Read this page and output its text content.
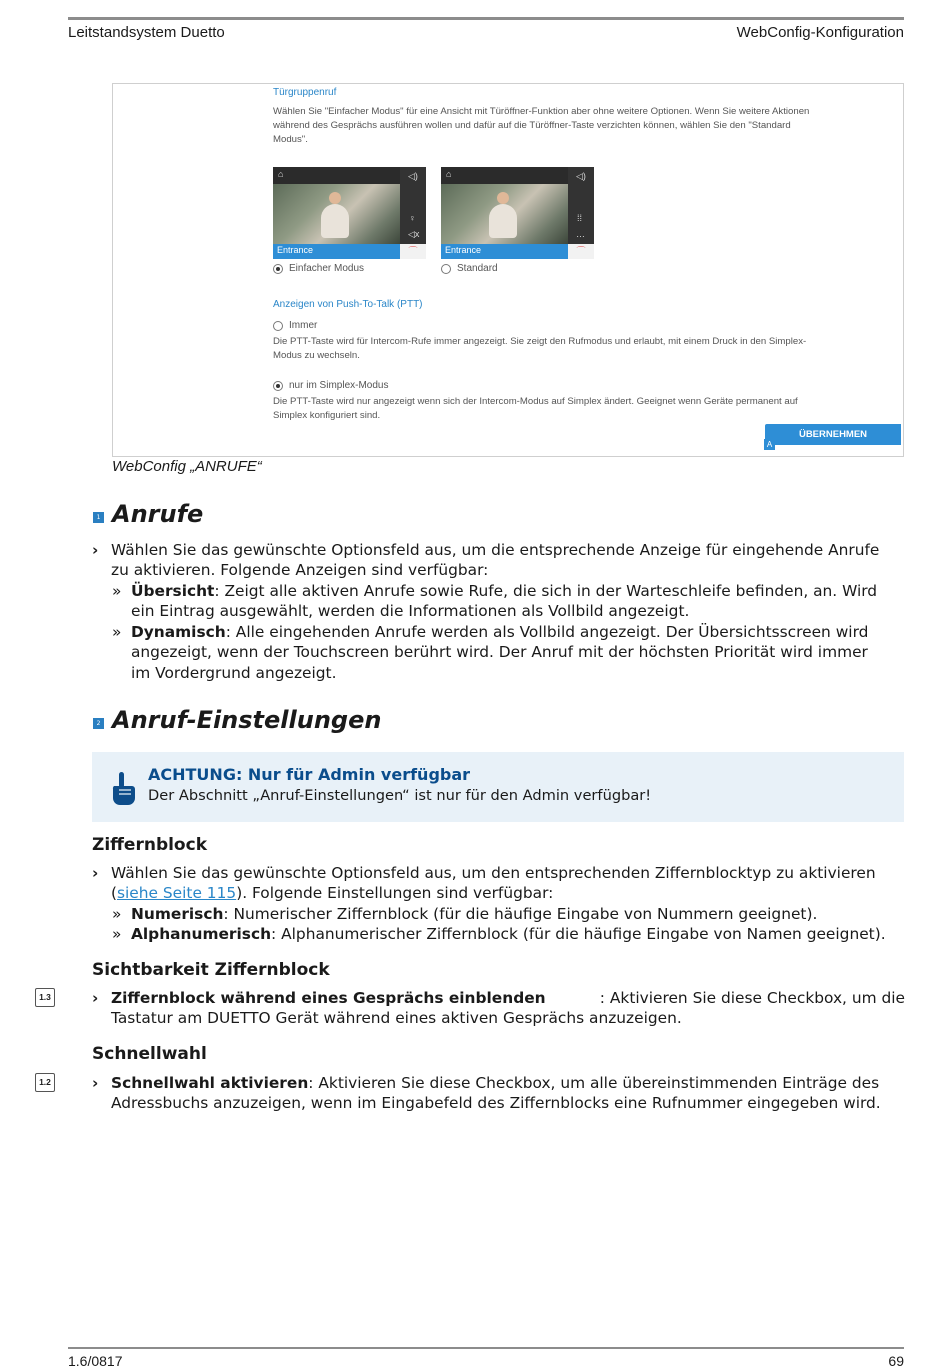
Leitstandsystem Duetto	WebConfig-Konfiguration
Türgruppenruf
Wählen Sie "Einfacher Modus" für eine Ansicht mit Türöffner-Funktion aber ohne weitere Optionen. Wenn Sie weitere Aktionen
während des Gesprächs ausführen wollen und dafür auf die Türöffner-Taste verzichten können, wählen Sie den "Standard
Modus".
⌂	◁)
♀
◁x
Entrance	⌒
Einfacher Modus
⌂	◁)
⁞⁞
…
Entrance	⌒
Standard
Anzeigen von Push-To-Talk (PTT)
Immer
Die PTT-Taste wird für Intercom-Rufe immer angezeigt. Sie zeigt den Rufmodus und erlaubt, mit einem Druck in den Simplex-
Modus zu wechseln.
nur im Simplex-Modus
Die PTT-Taste wird nur angezeigt wenn sich der Intercom-Modus auf Simplex ändert. Geeignet wenn Geräte permanent auf
Simplex konfiguriert sind.
ÜBERNEHMEN
A
WebConfig „ANRUFE“
1 Anrufe
› Wählen Sie das gewünschte Optionsfeld aus, um die entsprechende Anzeige für eingehende Anrufe
zu aktivieren. Folgende Anzeigen sind verfügbar:
» Übersicht: Zeigt alle aktiven Anrufe sowie Rufe, die sich in der Warteschleife befinden, an. Wird
ein Eintrag ausgewählt, werden die Informationen als Vollbild angezeigt.
» Dynamisch: Alle eingehenden Anrufe werden als Vollbild angezeigt. Der Übersichtsscreen wird
angezeigt, wenn der Touchscreen berührt wird. Der Anruf mit der höchsten Priorität wird immer
im Vordergrund angezeigt.
2 Anruf-Einstellungen
ACHTUNG: Nur für Admin verfügbar
Der Abschnitt „Anruf-Einstellungen“ ist nur für den Admin verfügbar!
Ziffernblock
› Wählen Sie das gewünschte Optionsfeld aus, um den entsprechenden Ziffernblocktyp zu aktivieren
(siehe Seite 115). Folgende Einstellungen sind verfügbar:
» Numerisch: Numerischer Ziffernblock (für die häufige Eingabe von Nummern geeignet).
» Alphanumerisch: Alphanumerischer Ziffernblock (für die häufige Eingabe von Namen geeignet).
Sichtbarkeit Ziffernblock
1.3	› Ziffernblock während eines Gesprächs einblenden	: Aktivieren Sie diese Checkbox, um die
Tastatur am DUETTO Gerät während eines aktiven Gesprächs anzuzeigen.
Schnellwahl
1.2	› Schnellwahl aktivieren: Aktivieren Sie diese Checkbox, um alle übereinstimmenden Einträge des
Adressbuchs anzuzeigen, wenn im Eingabefeld des Ziffernblocks eine Rufnummer eingegeben wird.
1.6/0817	69
